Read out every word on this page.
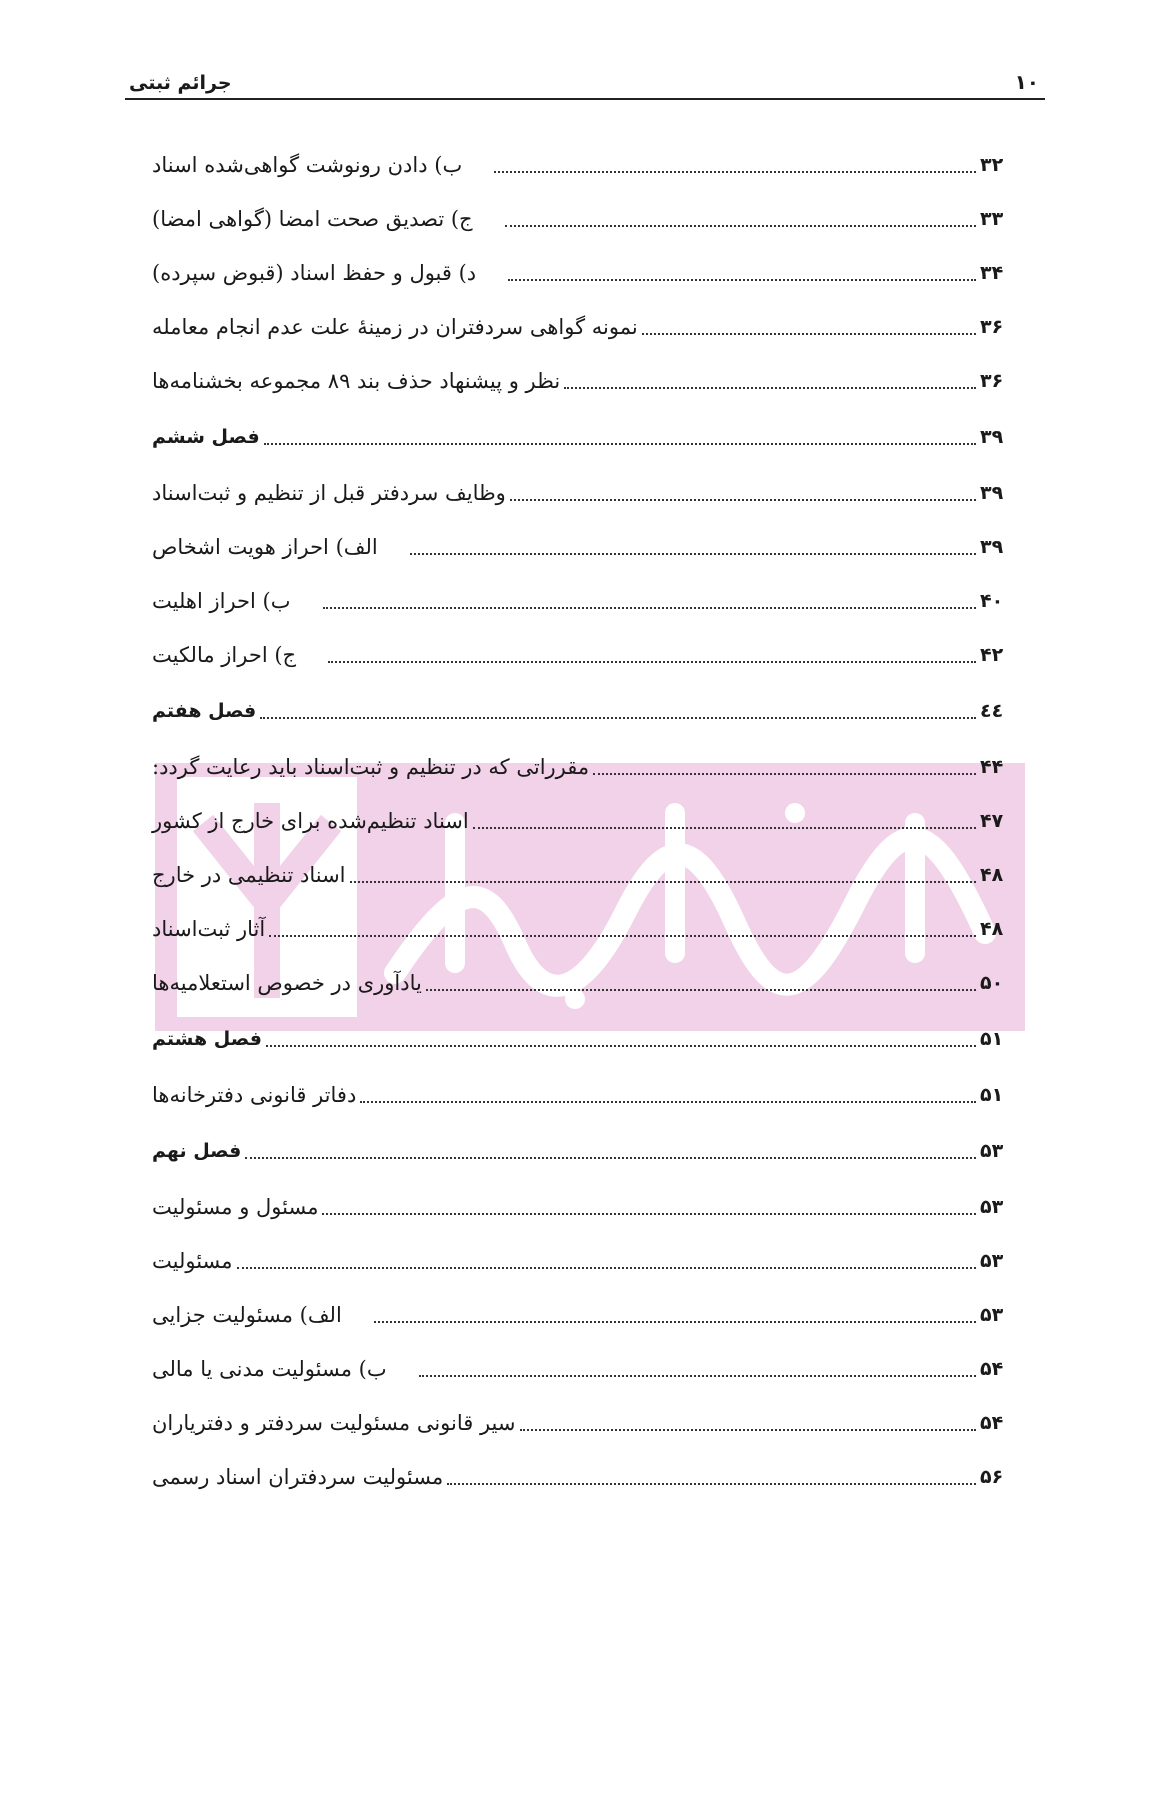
جرائم ثبتی	۱۰
ب) دادن رونوشت گواهی‌شده اسناد	۳۲
ج) تصدیق صحت امضا (گواهی امضا)	۳۳
د) قبول و حفظ اسناد (قبوض سپرده)	۳۴
نمونه گواهی سردفتران در زمینهٔ علت عدم انجام معامله	۳۶
نظر و پیشنهاد حذف بند ۸۹ مجموعه بخشنامه‌ها	۳۶
فصل ششم	۳۹
وظایف سردفتر قبل از تنظیم و ثبت‌اسناد	۳۹
الف) احراز هویت اشخاص	۳۹
ب) احراز اهلیت	۴۰
ج) احراز مالکیت	۴۲
فصل هفتم	٤٤
مقرراتی که در تنظیم و ثبت‌اسناد باید رعایت گردد:	۴۴
اسناد تنظیم‌شده برای خارج از کشور	۴۷
اسناد تنظیمی در خارج	۴۸
آثار ثبت‌اسناد	۴۸
یادآوری در خصوص استعلامیه‌ها	۵۰
فصل هشتم	۵۱
دفاتر قانونی دفترخانه‌ها	۵۱
فصل نهم	۵۳
مسئول و مسئولیت	۵۳
مسئولیت	۵۳
الف) مسئولیت جزایی	۵۳
ب) مسئولیت مدنی یا مالی	۵۴
سیر قانونی مسئولیت سردفتر و دفتریاران	۵۴
مسئولیت سردفتران اسناد رسمی	۵۶
